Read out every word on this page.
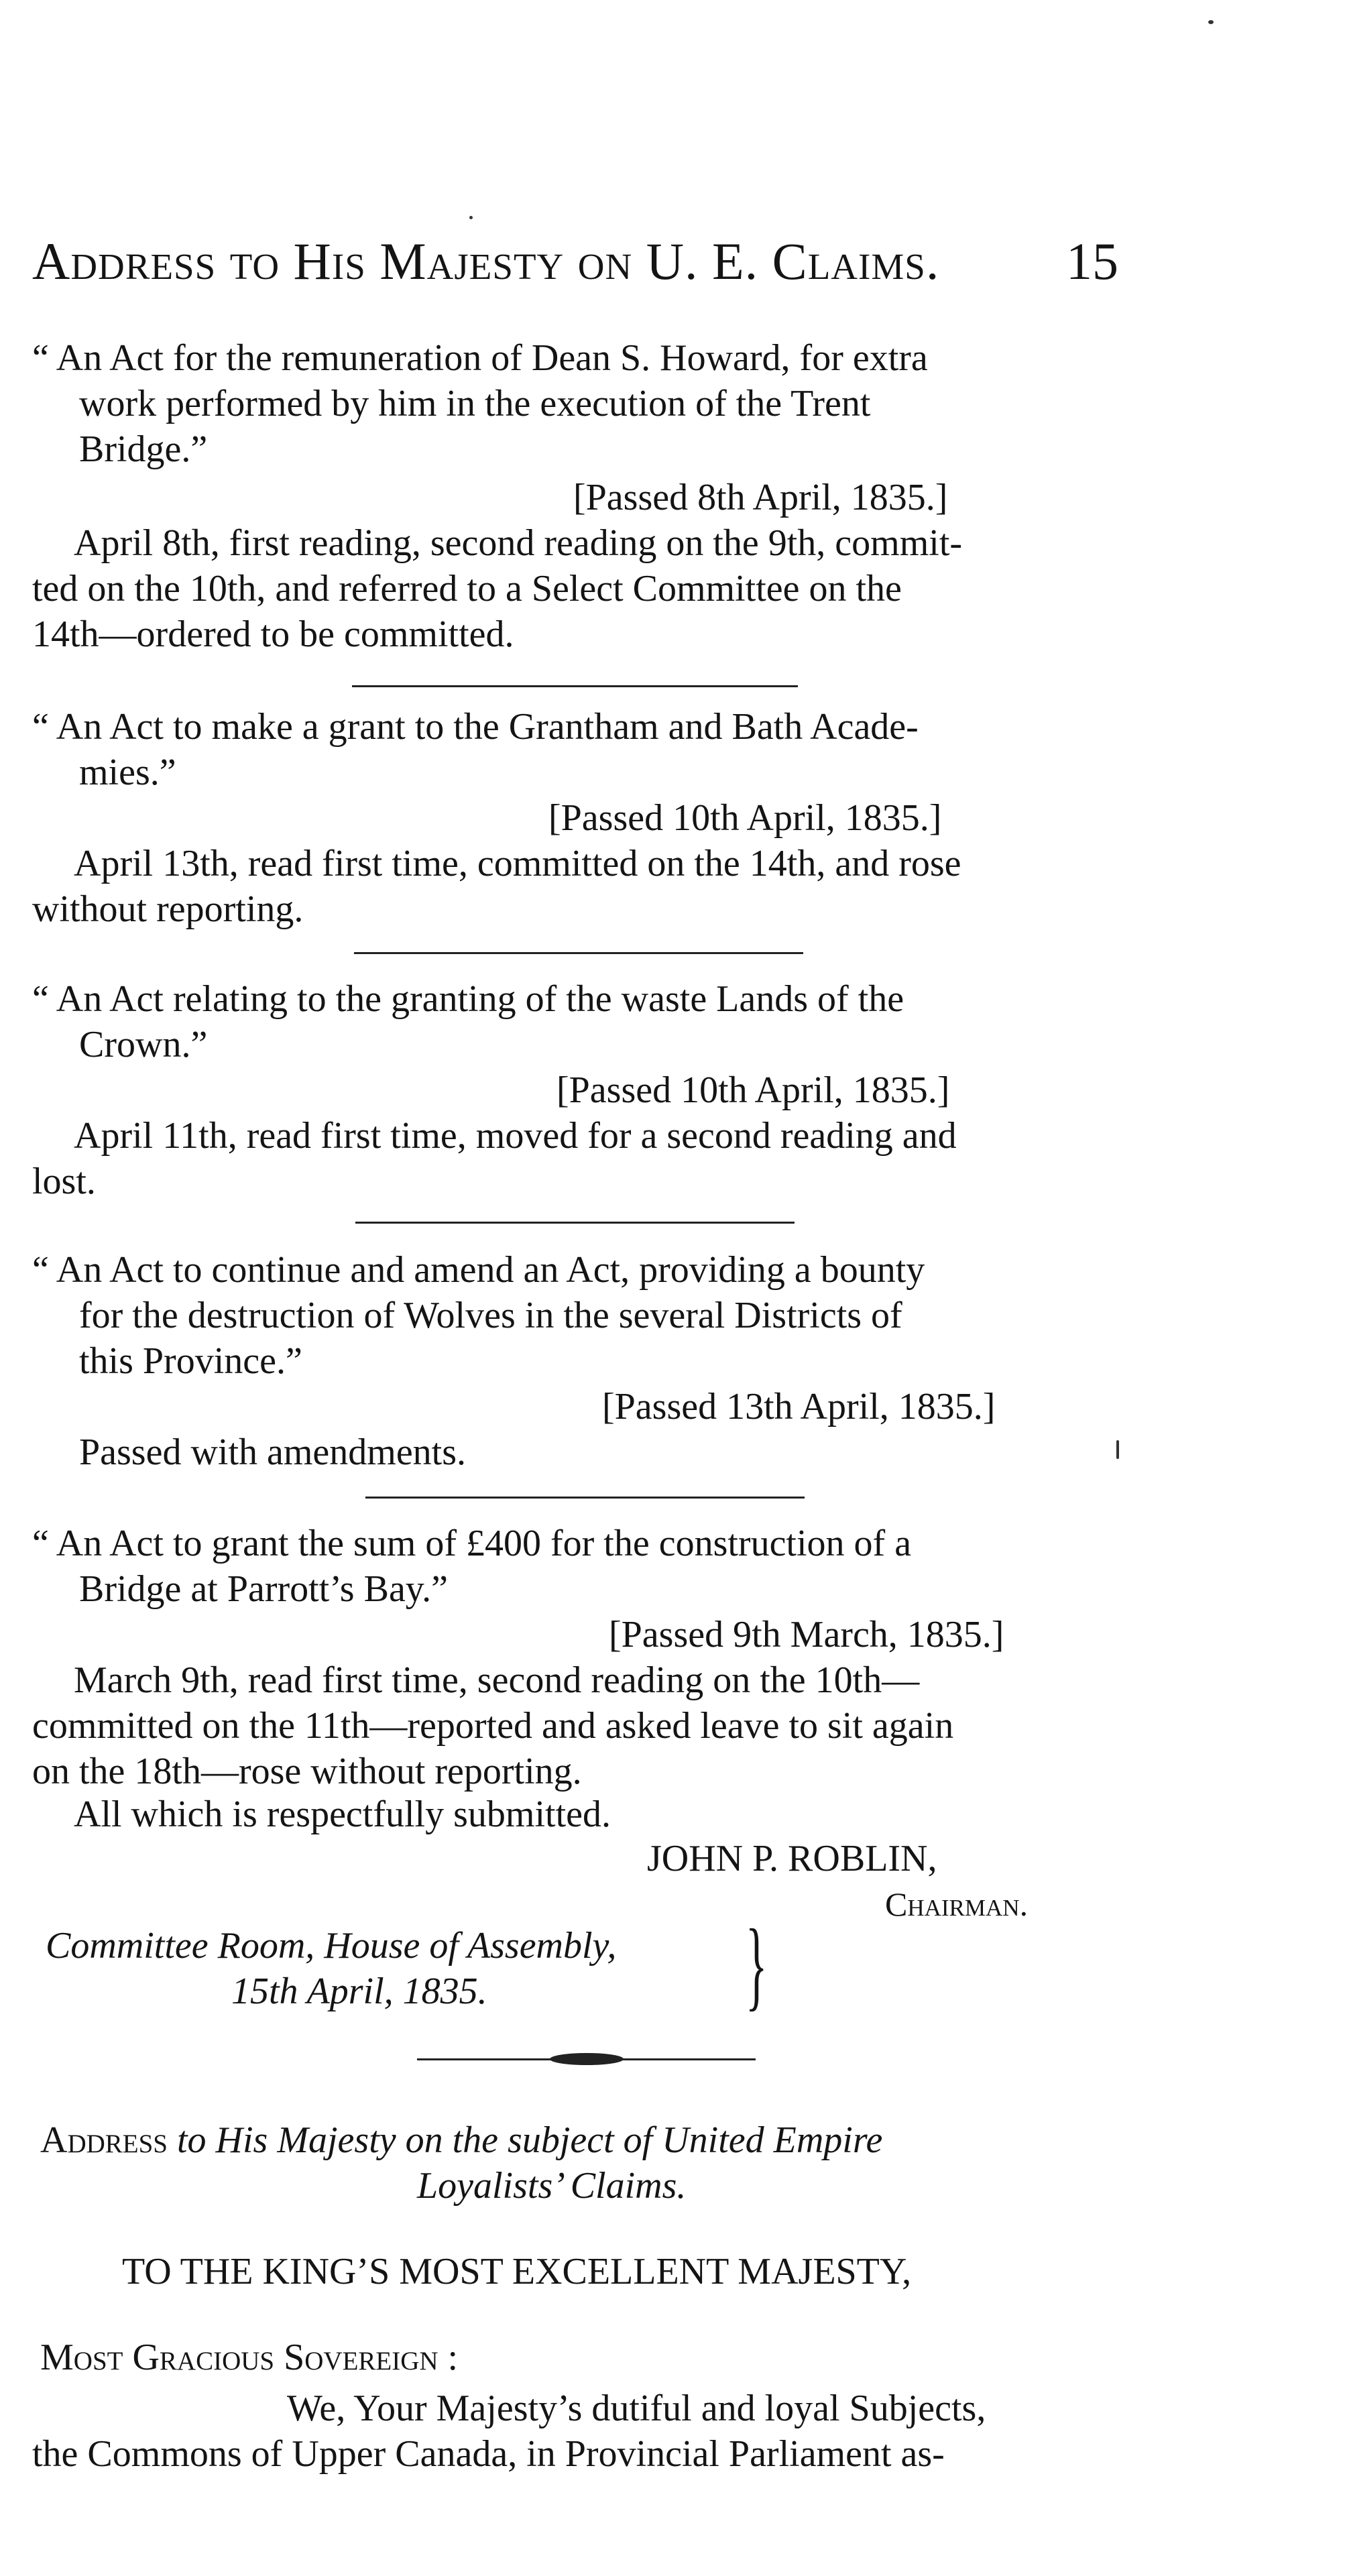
Address to His Majesty on U. E. Claims. 15
“ An Act for the remuneration of Dean S. Howard, for extra
work performed by him in the execution of the Trent
Bridge.”
[Passed 8th April, 1835.]
April 8th, first reading, second reading on the 9th, commit-
ted on the 10th, and referred to a Select Committee on the
14th—ordered to be committed.
“ An Act to make a grant to the Grantham and Bath Acade-
mies.”
[Passed 10th April, 1835.]
April 13th, read first time, committed on the 14th, and rose
without reporting.
“ An Act relating to the granting of the waste Lands of the
Crown.”
[Passed 10th April, 1835.]
April 11th, read first time, moved for a second reading and
lost.
“ An Act to continue and amend an Act, providing a bounty
for the destruction of Wolves in the several Districts of
this Province.”
[Passed 13th April, 1835.]
Passed with amendments.
“ An Act to grant the sum of £400 for the construction of a
Bridge at Parrott’s Bay.”
[Passed 9th March, 1835.]
March 9th, read first time, second reading on the 10th—
committed on the 11th—reported and asked leave to sit again
on the 18th—rose without reporting.
All which is respectfully submitted.
JOHN P. ROBLIN,
Chairman.
Committee Room, House of Assembly,
15th April, 1835.	}
Address to His Majesty on the subject of United Empire
Loyalists’ Claims.
TO THE KING’S MOST EXCELLENT MAJESTY,
Most Gracious Sovereign :
We, Your Majesty’s dutiful and loyal Subjects,
the Commons of Upper Canada, in Provincial Parliament as-
